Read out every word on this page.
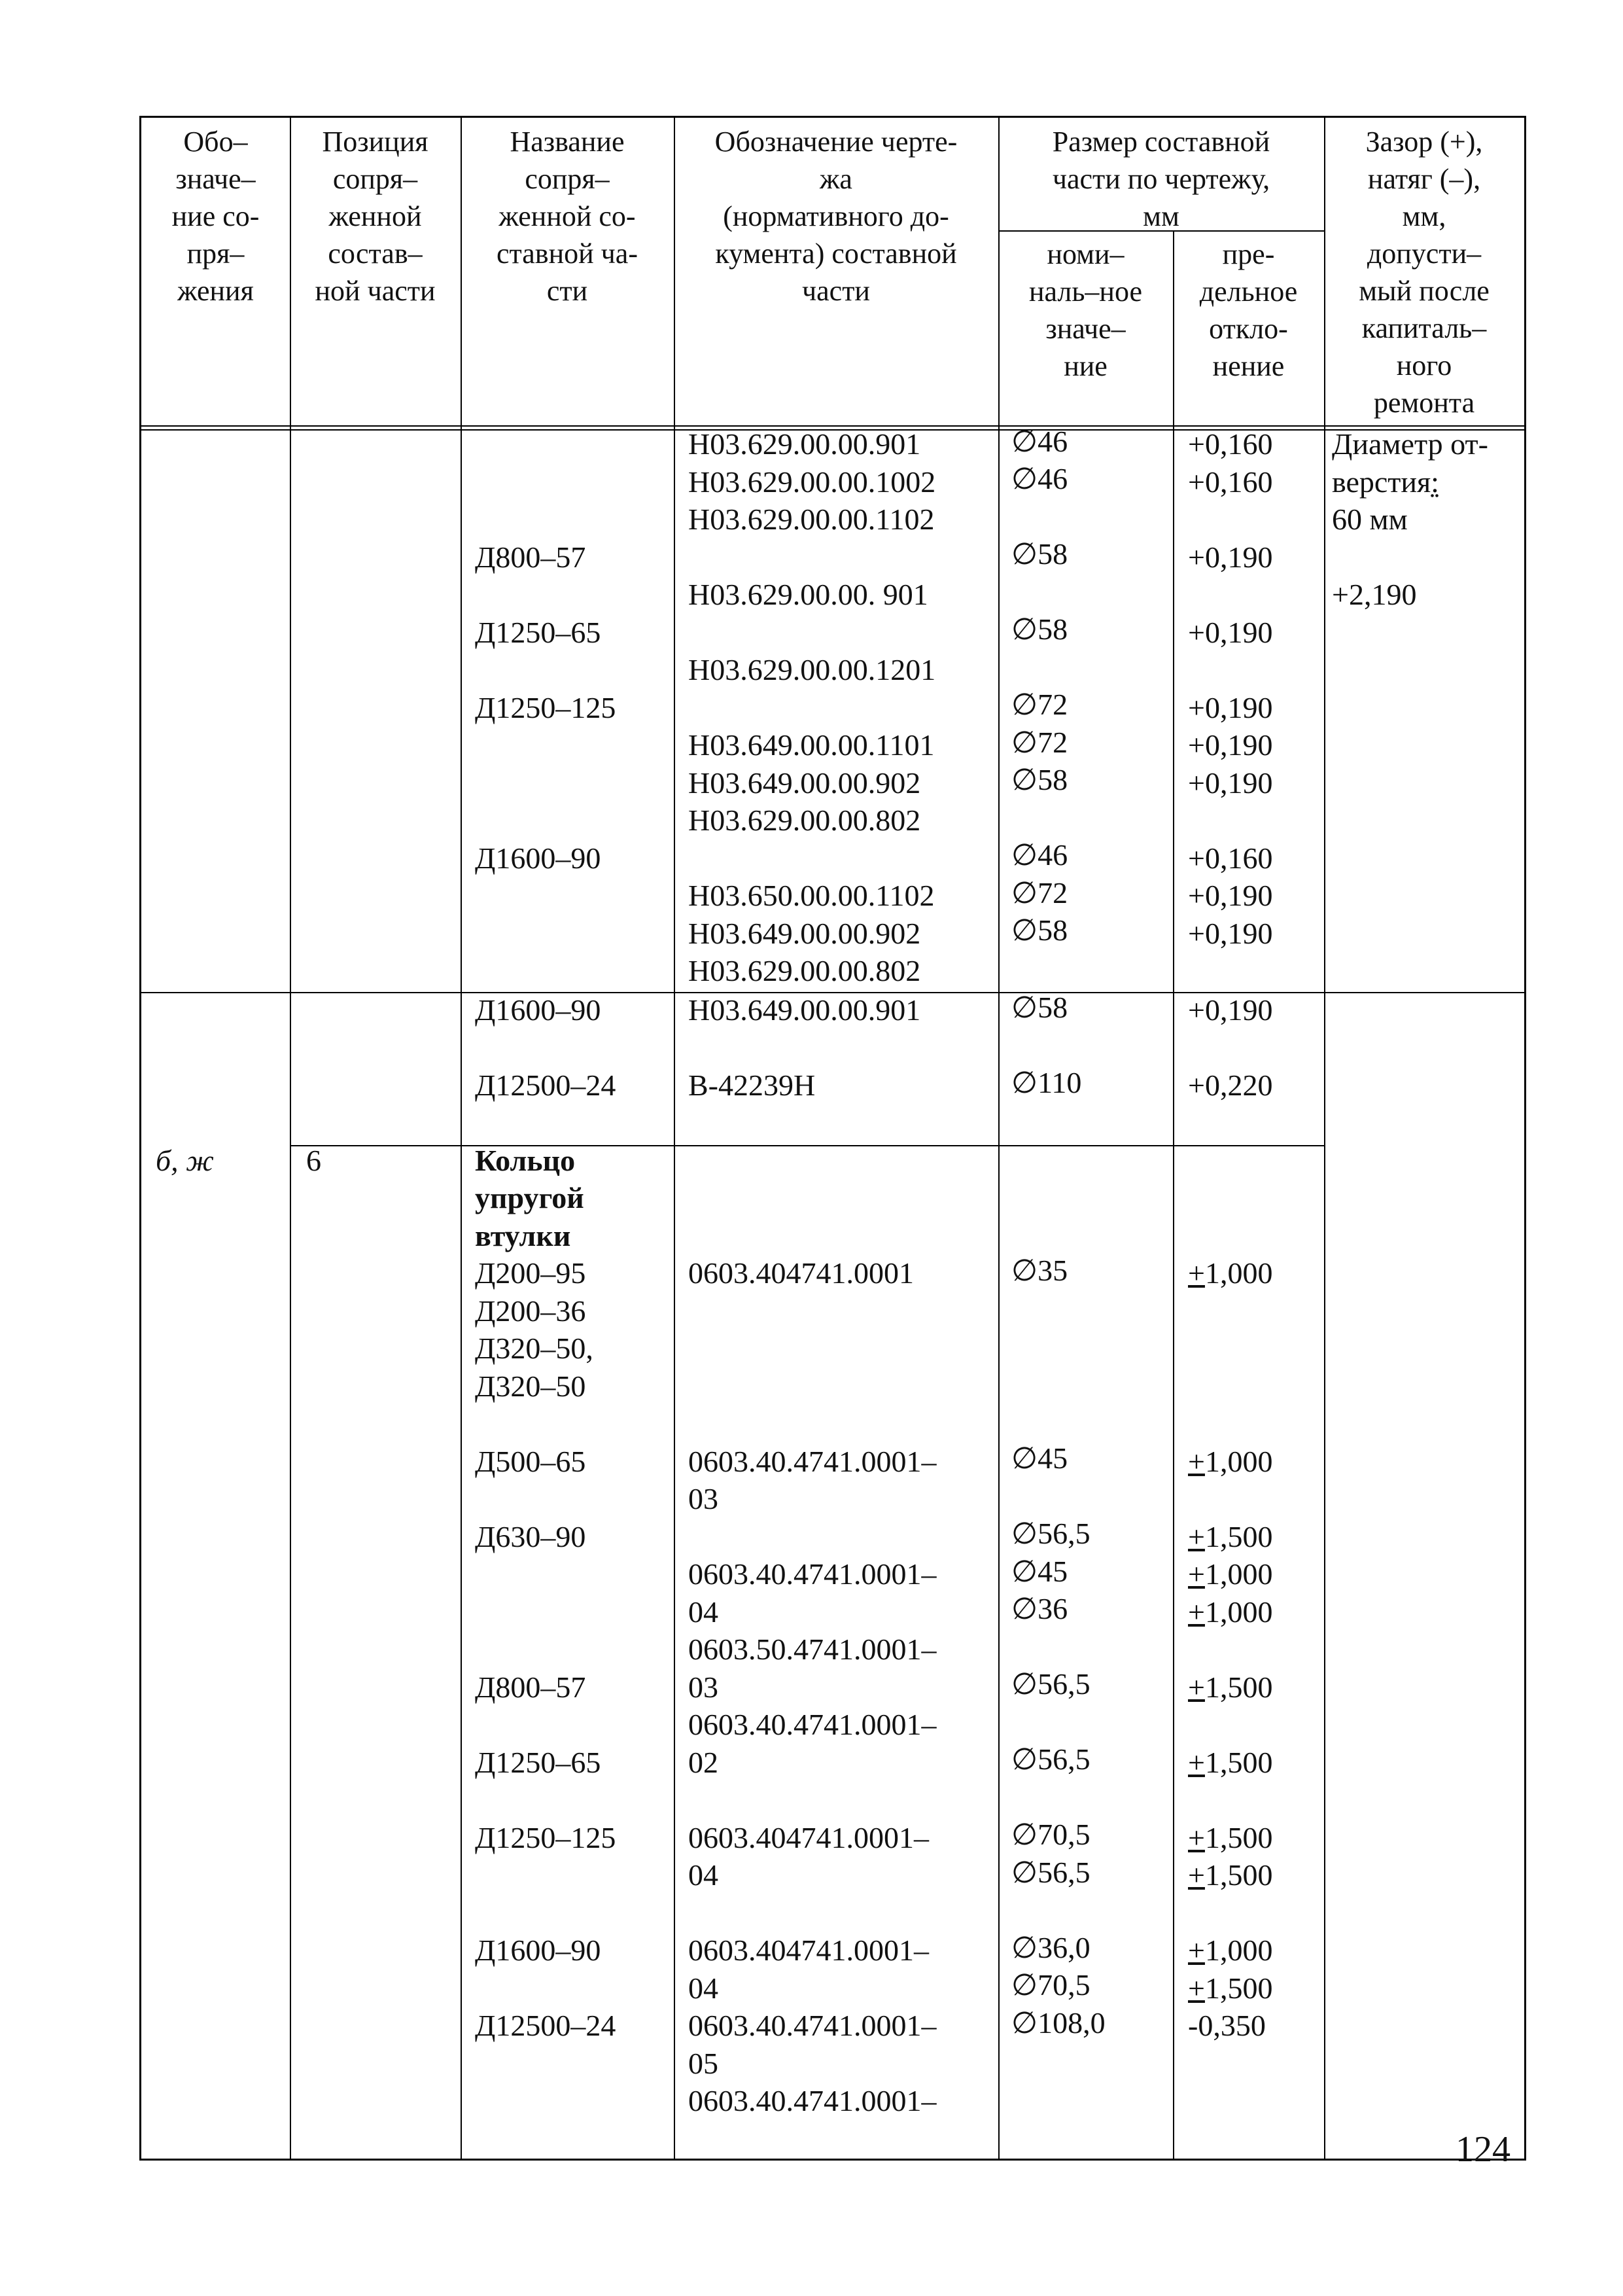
Обо–
значе–
ние со-
пря–
жения
Позиция
сопря–
женной
состав–
ной части
Название
сопря–
женной со-
ставной ча-
сти
Обозначение черте-
жа
(нормативного до-
кумента) составной
части
Размер составной
части по чертежу,
мм
номи–
наль–ное
значе–
ние
пре-
дельное
откло-
нение
Зазор (+),
натяг (–),
мм,
допусти–
мый после
капиталь–
ного
ремонта
Д800–57
Д1250–65
Д1250–125
Д1600–90
Н03.629.00.00.901
Н03.629.00.00.1002
Н03.629.00.00.1102
Н03.629.00.00. 901
Н03.629.00.00.1201
Н03.649.00.00.1101
Н03.649.00.00.902
Н03.629.00.00.802
Н03.650.00.00.1102
Н03.649.00.00.902
Н03.629.00.00.802
∅46
∅46
∅58
∅58
∅72
∅72
∅58
∅46
∅72
∅58
+0,160
+0,160
+0,190
+0,190
+0,190
+0,190
+0,190
+0,160
+0,190
+0,190
Диаметр от-
верстия:
60 мм
+2,190
Д1600–90
Д12500–24
Н03.649.00.00.901
В-42239Н
∅58
∅110
+0,190
+0,220
б, ж	6	Кольцо
упругой
втулки
Д200–95
Д200–36
Д320–50,
Д320–50
Д500–65
Д630–90
Д800–57
Д1250–65
Д1250–125
Д1600–90
Д12500–24
0603.404741.0001
0603.40.4741.0001–
03
0603.40.4741.0001–
04
0603.50.4741.0001–
03
0603.40.4741.0001–
02
0603.404741.0001–
04
0603.404741.0001–
04
0603.40.4741.0001–
05
0603.40.4741.0001–
∅35
∅45
∅56,5
∅45
∅36
∅56,5
∅56,5
∅70,5
∅56,5
∅36,0
∅70,5
∅108,0
+1,000
+1,000
+1,500
+1,000
+1,000
+1,500
+1,500
+1,500
+1,500
+1,000
+1,500
-0,350
124
